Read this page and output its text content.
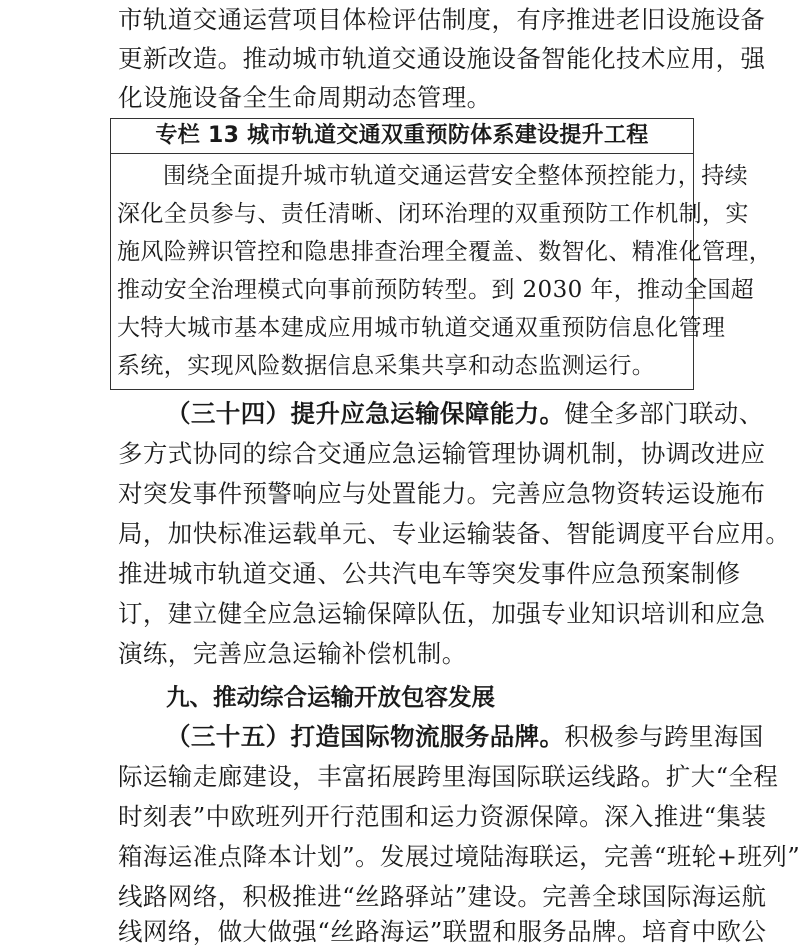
市轨道交通运营项目体检评估制度，有序推进老旧设施设备
更新改造。推动城市轨道交通设施设备智能化技术应用，强
化设施设备全生命周期动态管理。
专栏 13 城市轨道交通双重预防体系建设提升工程
围绕全面提升城市轨道交通运营安全整体预控能力，持续
深化全员参与、责任清晰、闭环治理的双重预防工作机制，实
施风险辨识管控和隐患排查治理全覆盖、数智化、精准化管理，
推动安全治理模式向事前预防转型。到 2030 年，推动全国超
大特大城市基本建成应用城市轨道交通双重预防信息化管理
系统，实现风险数据信息采集共享和动态监测运行。
（三十四）提升应急运输保障能力。健全多部门联动、
多方式协同的综合交通应急运输管理协调机制，协调改进应
对突发事件预警响应与处置能力。完善应急物资转运设施布
局，加快标准运载单元、专业运输装备、智能调度平台应用。
推进城市轨道交通、公共汽电车等突发事件应急预案制修
订，建立健全应急运输保障队伍，加强专业知识培训和应急
演练，完善应急运输补偿机制。
九、推动综合运输开放包容发展
（三十五）打造国际物流服务品牌。积极参与跨里海国
际运输走廊建设，丰富拓展跨里海国际联运线路。扩大“全程
时刻表”中欧班列开行范围和运力资源保障。深入推进“集装
箱海运准点降本计划”。发展过境陆海联运，完善“班轮+班列”
线路网络，积极推进“丝路驿站”建设。完善全球国际海运航
线网络，做大做强“丝路海运”联盟和服务品牌。培育中欧公
